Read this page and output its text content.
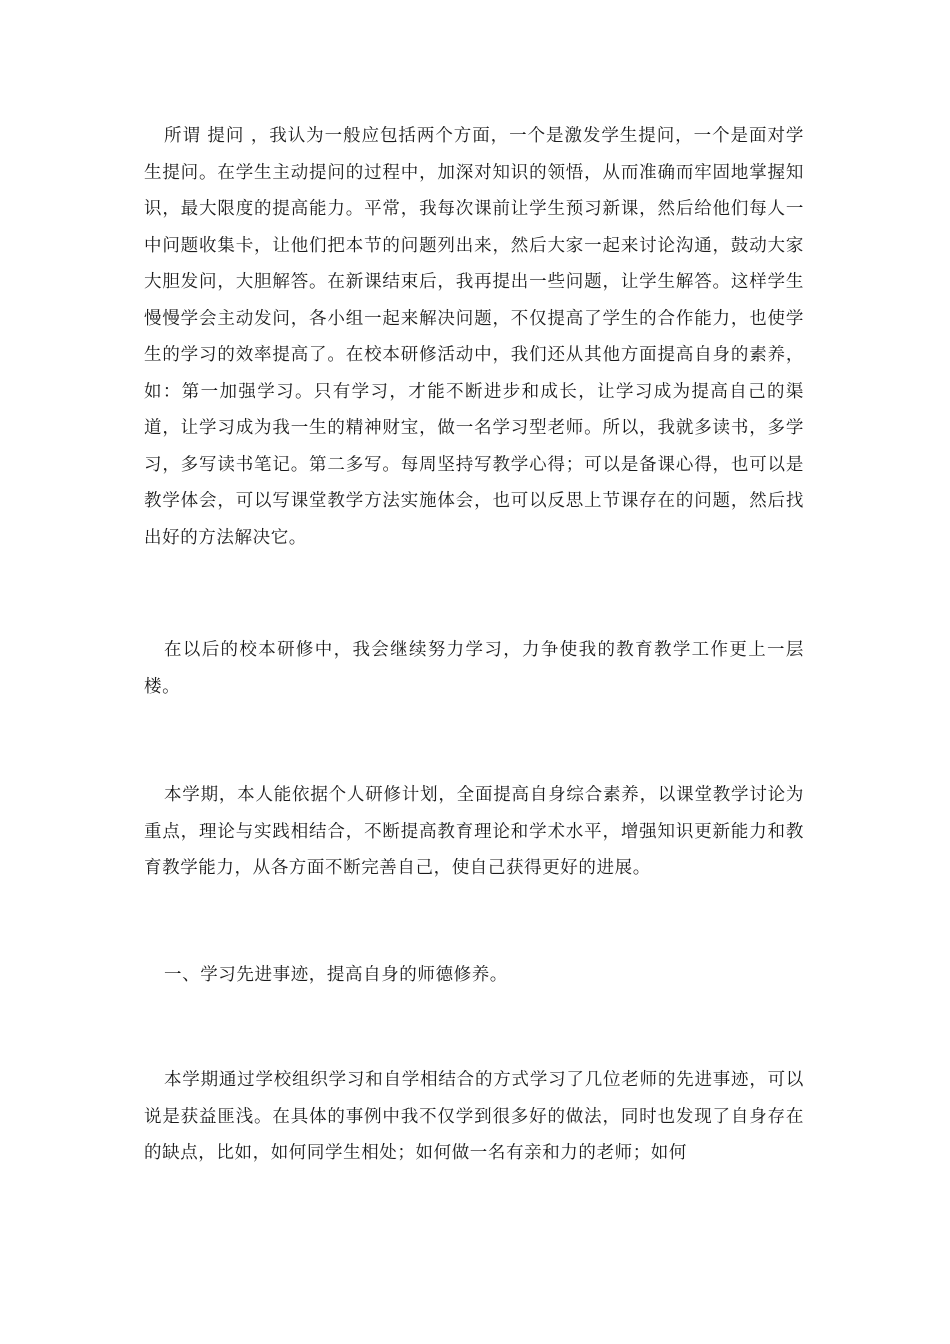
所谓 提问 ，我认为一般应包括两个方面，一个是激发学生提问，一个是面对学生提问。在学生主动提问的过程中，加深对知识的领悟，从而准确而牢固地掌握知识，最大限度的提高能力。平常，我每次课前让学生预习新课，然后给他们每人一中问题收集卡，让他们把本节的问题列出来，然后大家一起来讨论沟通，鼓动大家大胆发问，大胆解答。在新课结束后，我再提出一些问题，让学生解答。这样学生慢慢学会主动发问，各小组一起来解决问题，不仅提高了学生的合作能力，也使学生的学习的效率提高了。在校本研修活动中，我们还从其他方面提高自身的素养，如：第一加强学习。只有学习，才能不断进步和成长，让学习成为提高自己的渠道，让学习成为我一生的精神财宝，做一名学习型老师。所以，我就多读书，多学习，多写读书笔记。第二多写。每周坚持写教学心得；可以是备课心得，也可以是教学体会，可以写课堂教学方法实施体会，也可以反思上节课存在的问题，然后找出好的方法解决它。

在以后的校本研修中，我会继续努力学习，力争使我的教育教学工作更上一层楼。

本学期，本人能依据个人研修计划，全面提高自身综合素养，以课堂教学讨论为重点，理论与实践相结合，不断提高教育理论和学术水平，增强知识更新能力和教育教学能力，从各方面不断完善自己，使自己获得更好的进展。

一、学习先进事迹，提高自身的师德修养。

本学期通过学校组织学习和自学相结合的方式学习了几位老师的先进事迹，可以说是获益匪浅。在具体的事例中我不仅学到很多好的做法，同时也发现了自身存在的缺点，比如，如何同学生相处；如何做一名有亲和力的老师；如何
